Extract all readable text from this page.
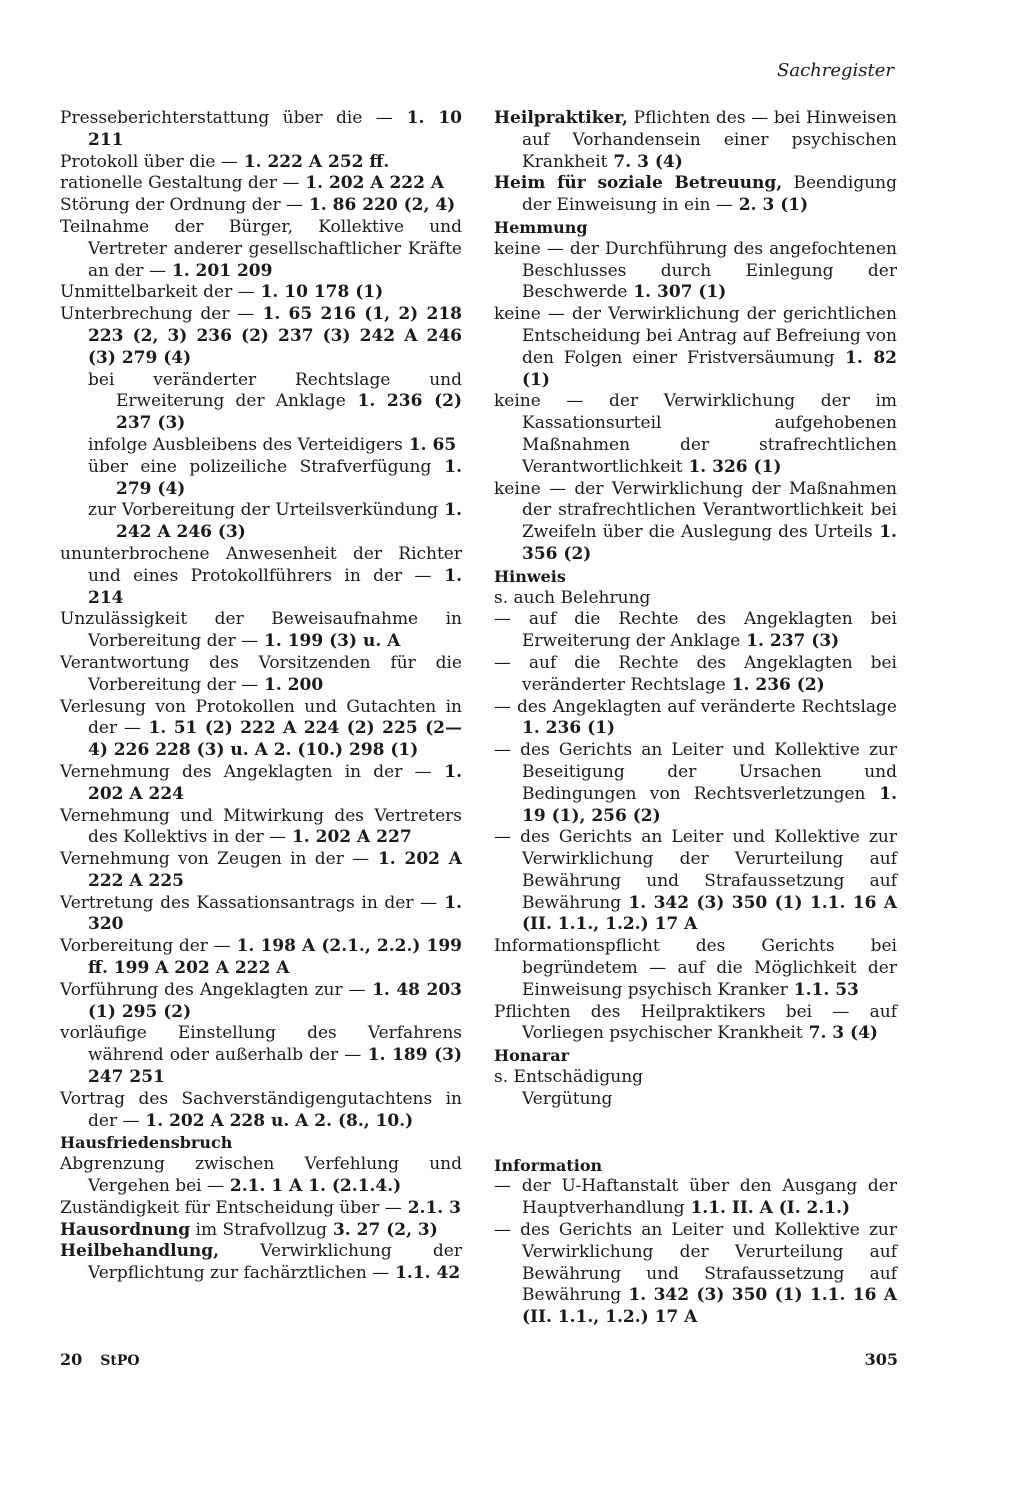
Sachregister

Presseberichterstattung über die — 1. 10 211

Protokoll über die — 1. 222 A 252 ff.

rationelle Gestaltung der — 1. 202 A 222 A

Störung der Ordnung der — 1. 86 220 (2, 4)

Teilnahme der Bürger, Kollektive und Vertreter anderer gesellschaftlicher Kräfte an der — 1. 201 209

Unmittelbarkeit der — 1. 10 178 (1)

Unterbrechung der — 1. 65 216 (1, 2) 218 223 (2, 3) 236 (2) 237 (3) 242 A 246 (3) 279 (4)

bei veränderter Rechtslage und Erweiterung der Anklage 1. 236 (2) 237 (3)

infolge Ausbleibens des Verteidigers 1. 65

über eine polizeiliche Strafverfügung 1. 279 (4)

zur Vorbereitung der Urteilsverkündung 1. 242 A 246 (3)

ununterbrochene Anwesenheit der Richter und eines Protokollführers in der — 1. 214

Unzulässigkeit der Beweisaufnahme in Vorbereitung der — 1. 199 (3) u. A

Verantwortung des Vorsitzenden für die Vorbereitung der — 1. 200

Verlesung von Protokollen und Gutachten in der — 1. 51 (2) 222 A 224 (2) 225 (2—4) 226 228 (3) u. A 2. (10.) 298 (1)

Vernehmung des Angeklagten in der — 1. 202 A 224

Vernehmung und Mitwirkung des Vertreters des Kollektivs in der — 1. 202 A 227

Vernehmung von Zeugen in der — 1. 202 A 222 A 225

Vertretung des Kassationsantrags in der — 1. 320

Vorbereitung der — 1. 198 A (2.1., 2.2.) 199 ff. 199 A 202 A 222 A

Vorführung des Angeklagten zur — 1. 48 203 (1) 295 (2)

vorläufige Einstellung des Verfahrens während oder außerhalb der — 1. 189 (3) 247 251

Vortrag des Sachverständigengutachtens in der — 1. 202 A 228 u. A 2. (8., 10.)

Hausfriedensbruch

Abgrenzung zwischen Verfehlung und Vergehen bei — 2.1. 1 A 1. (2.1.4.)

Zuständigkeit für Entscheidung über — 2.1. 3

Hausordnung im Strafvollzug 3. 27 (2, 3)

Heilbehandlung, Verwirklichung der Verpflichtung zur fachärztlichen — 1.1. 42

Heilpraktiker, Pflichten des — bei Hinweisen auf Vorhandensein einer psychischen Krankheit 7. 3 (4)

Heim für soziale Betreuung, Beendigung der Einweisung in ein — 2. 3 (1)

Hemmung

keine — der Durchführung des angefochtenen Beschlusses durch Einlegung der Beschwerde 1. 307 (1)

keine — der Verwirklichung der gerichtlichen Entscheidung bei Antrag auf Befreiung von den Folgen einer Fristversäumung 1. 82 (1)

keine — der Verwirklichung der im Kassationsurteil aufgehobenen Maßnahmen der strafrechtlichen Verantwortlichkeit 1. 326 (1)

keine — der Verwirklichung der Maßnahmen der strafrechtlichen Verantwortlichkeit bei Zweifeln über die Auslegung des Urteils 1. 356 (2)

Hinweis

s. auch Belehrung

— auf die Rechte des Angeklagten bei Erweiterung der Anklage 1. 237 (3)

— auf die Rechte des Angeklagten bei veränderter Rechtslage 1. 236 (2)

— des Angeklagten auf veränderte Rechtslage 1. 236 (1)

— des Gerichts an Leiter und Kollektive zur Beseitigung der Ursachen und Bedingungen von Rechtsverletzungen 1. 19 (1), 256 (2)

— des Gerichts an Leiter und Kollektive zur Verwirklichung der Verurteilung auf Bewährung und Strafaussetzung auf Bewährung 1. 342 (3) 350 (1) 1.1. 16 A (II. 1.1., 1.2.) 17 A

Informationspflicht des Gerichts bei begründetem — auf die Möglichkeit der Einweisung psychisch Kranker 1.1. 53

Pflichten des Heilpraktikers bei — auf Vorliegen psychischer Krankheit 7. 3 (4)

Honarar

s. Entschädigung

Vergütung

Information

— der U-Haftanstalt über den Ausgang der Hauptverhandlung 1.1. II. A (I. 2.1.)

— des Gerichts an Leiter und Kollektive zur Verwirklichung der Verurteilung auf Bewährung und Strafaussetzung auf Bewährung 1. 342 (3) 350 (1) 1.1. 16 A (II. 1.1., 1.2.) 17 A

20 StPO	305
